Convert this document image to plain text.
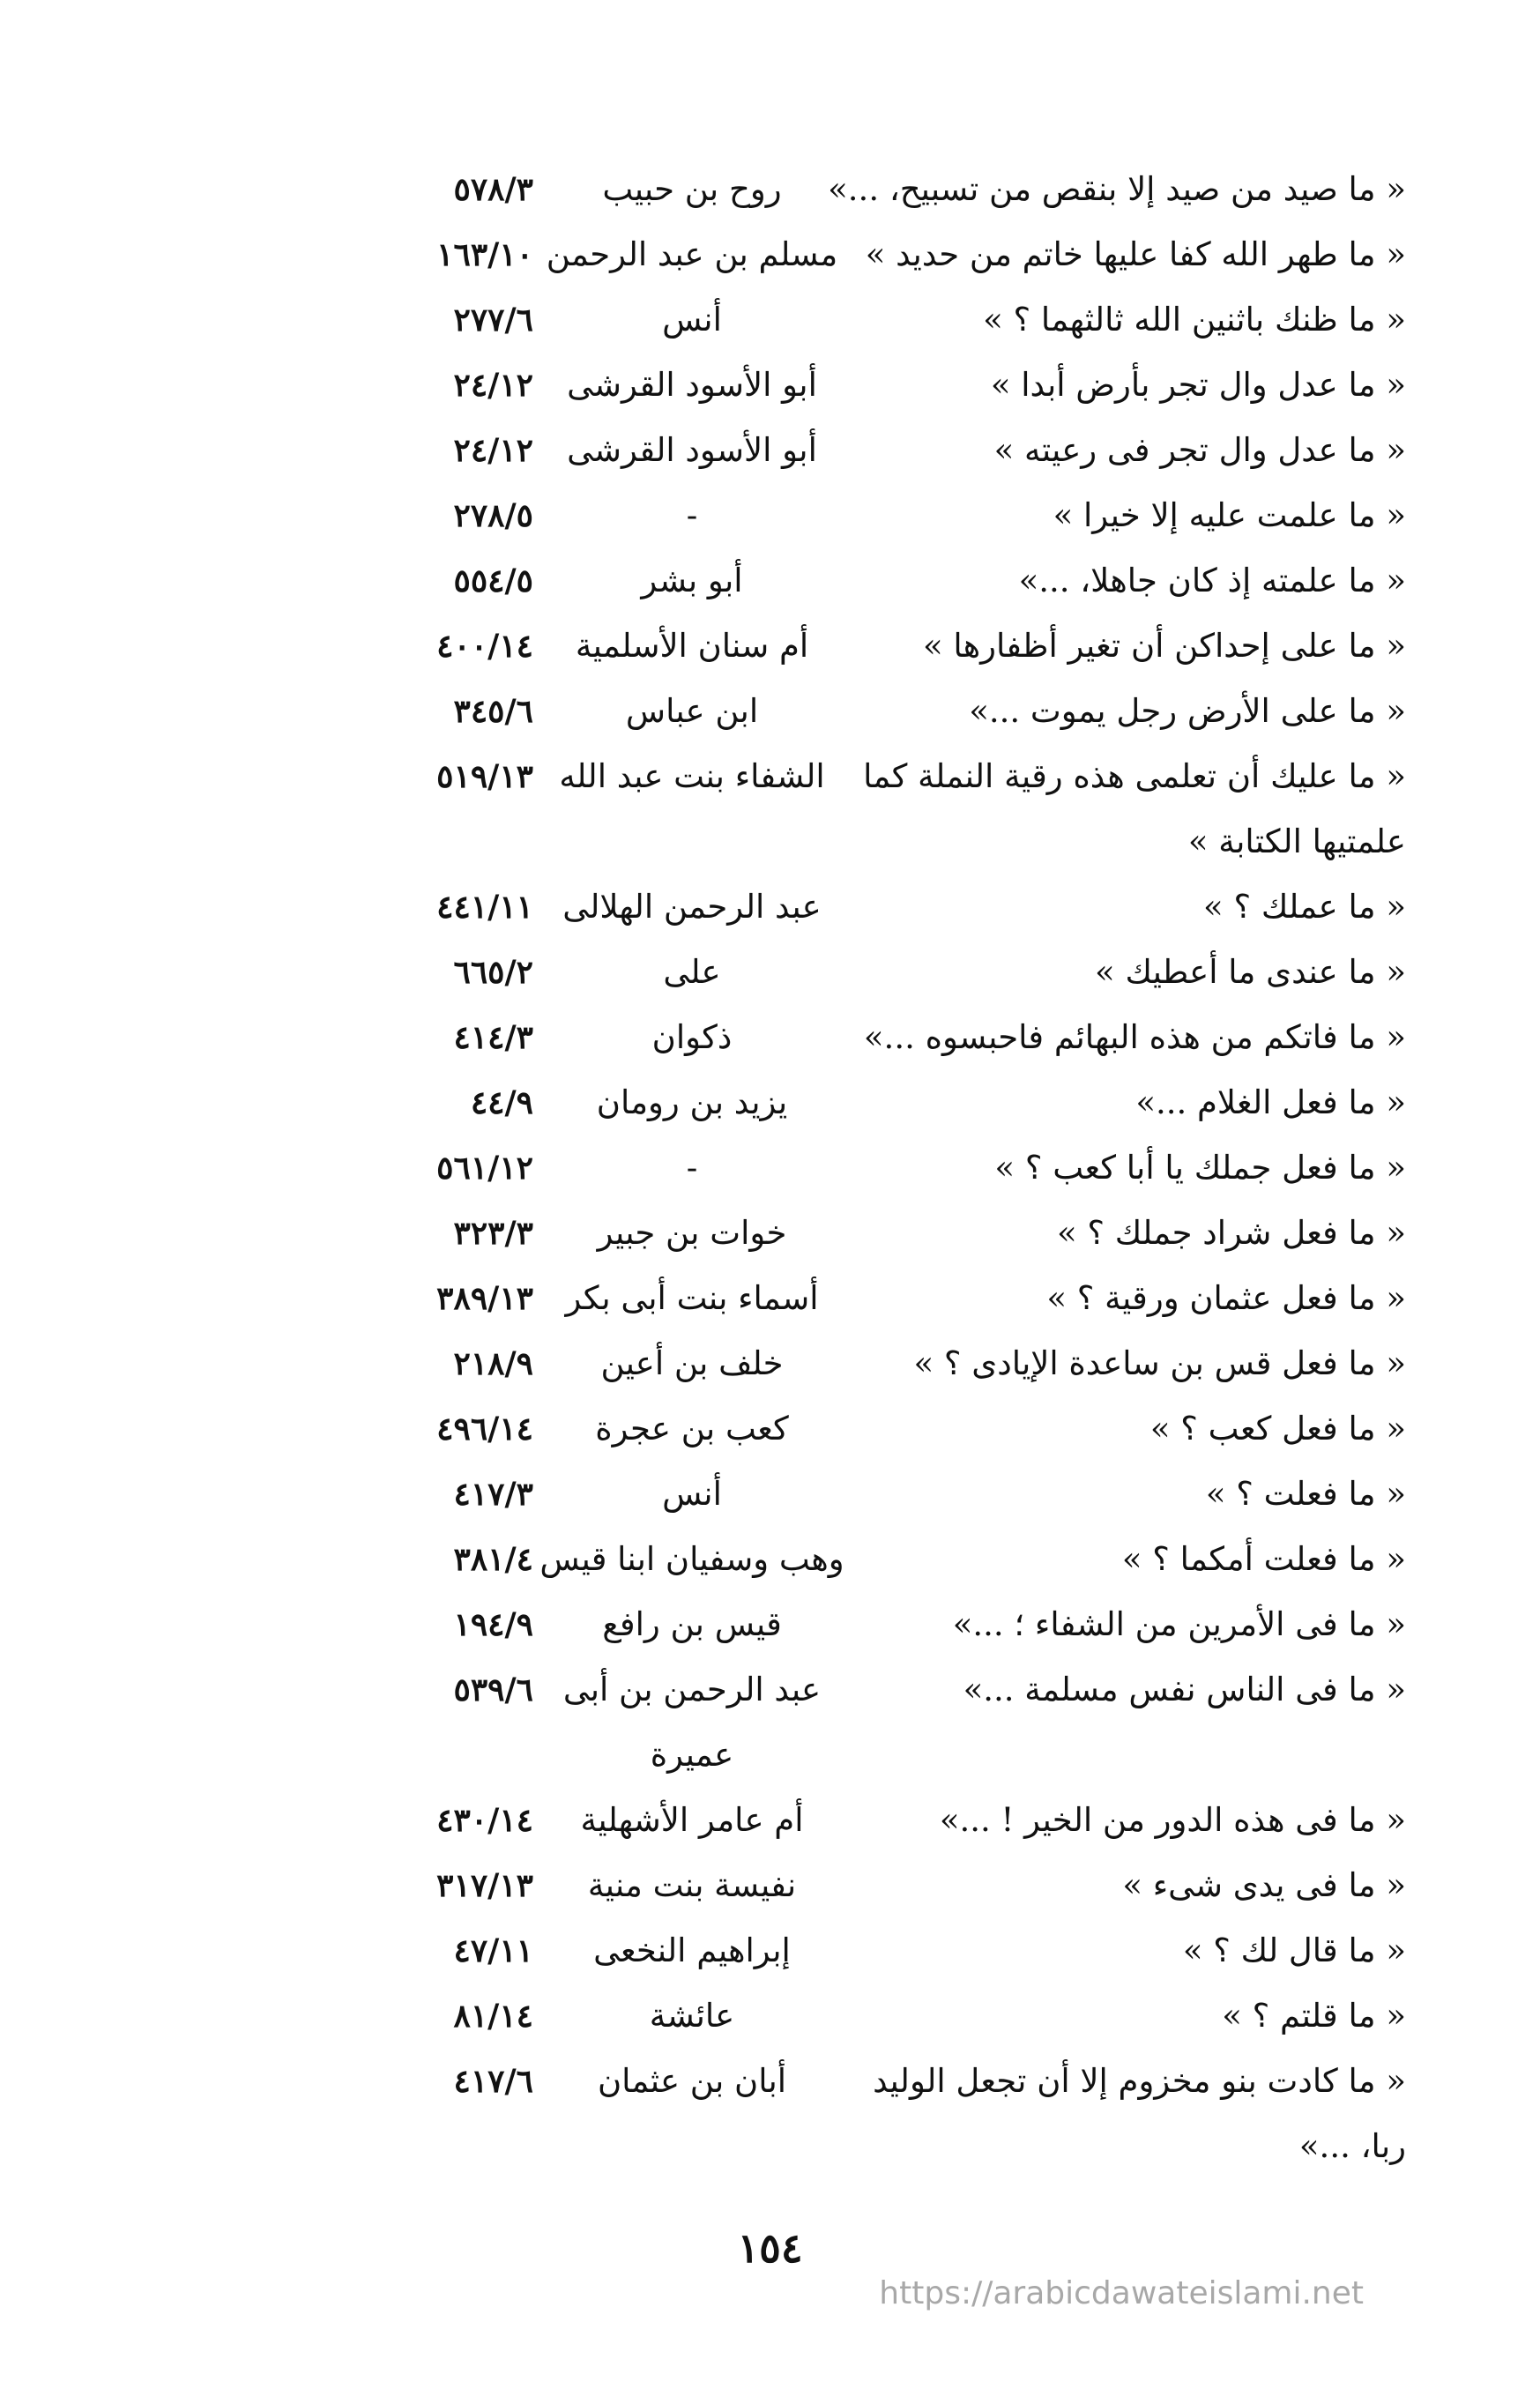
« ما صيد من صيد إلا بنقص من تسبيح، ...»
روح بن حبيب
٥٧٨/٣
« ما طهر الله كفا عليها خاتم من حديد »
مسلم بن عبد الرحمن
١٦٣/١٠
« ما ظنك باثنين الله ثالثهما ؟ »
أنس
٢٧٧/٦
« ما عدل وال تجر بأرض أبدا »
أبو الأسود القرشى
٢٤/١٢
« ما عدل وال تجر فى رعيته »
أبو الأسود القرشى
٢٤/١٢
« ما علمت عليه إلا خيرا »
-
٢٧٨/٥
« ما علمته إذ كان جاهلا، ...»
أبو بشر
٥٥٤/٥
« ما على إحداكن أن تغير أظفارها »
أم سنان الأسلمية
٤٠٠/١٤
« ما على الأرض رجل يموت ...»
ابن عباس
٣٤٥/٦
« ما عليك أن تعلمى هذه رقية النملة كما
الشفاء بنت عبد الله
٥١٩/١٣
علمتيها الكتابة »
« ما عملك ؟ »
عبد الرحمن الهلالى
٤٤١/١١
« ما عندى ما أعطيك »
على
٦٦٥/٢
« ما فاتكم من هذه البهائم فاحبسوه ...»
ذكوان
٤١٤/٣
« ما فعل الغلام ...»
يزيد بن رومان
٤٤/٩
« ما فعل جملك يا أبا كعب ؟ »
-
٥٦١/١٢
« ما فعل شراد جملك ؟ »
خوات بن جبير
٣٢٣/٣
« ما فعل عثمان ورقية ؟ »
أسماء بنت أبى بكر
٣٨٩/١٣
« ما فعل قس بن ساعدة الإيادى ؟ »
خلف بن أعين
٢١٨/٩
« ما فعل كعب ؟ »
كعب بن عجرة
٤٩٦/١٤
« ما فعلت ؟ »
أنس
٤١٧/٣
« ما فعلت أمكما ؟ »
وهب وسفيان ابنا قيس
٣٨١/٤
« ما فى الأمرين من الشفاء ؛ ...»
قيس بن رافع
١٩٤/٩
« ما فى الناس نفس مسلمة ...»
عبد الرحمن بن أبى
٥٣٩/٦
عميرة
« ما فى هذه الدور من الخير ! ...»
أم عامر الأشهلية
٤٣٠/١٤
« ما فى يدى شىء »
نفيسة بنت منية
٣١٧/١٣
« ما قال لك ؟ »
إبراهيم النخعى
٤٧/١١
« ما قلتم ؟ »
عائشة
٨١/١٤
« ما كادت بنو مخزوم إلا أن تجعل الوليد
أبان بن عثمان
٤١٧/٦
ربا، ...»
١٥٤
https://arabicdawateislami.net
